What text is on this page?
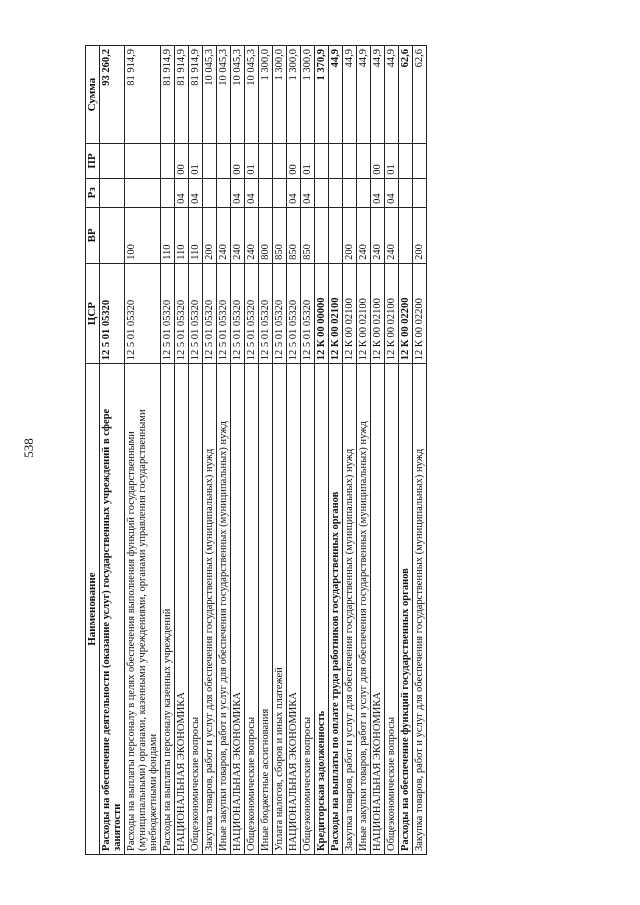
538
Наименование	ЦСР	ВР	Рз	ПР	Сумма
Расходы на обеспечение деятельности (оказание услуг) государственных учреждений в сфере занятости	12 5 01 05320				93 260,2
Расходы на выплаты персоналу в целях обеспечения выполнения функций государственными (муниципальными) органами, казенными учреждениями, органами управления государственными внебюджетными фондами	12 5 01 05320	100			81 914,9
Расходы на выплаты персоналу казенных учреждений	12 5 01 05320	110			81 914,9
НАЦИОНАЛЬНАЯ ЭКОНОМИКА	12 5 01 05320	110	04	00	81 914,9
Общеэкономические вопросы	12 5 01 05320	110	04	01	81 914,9
Закупка товаров, работ и услуг для обеспечения государственных (муниципальных) нужд	12 5 01 05320	200			10 045,3
Иные закупки товаров, работ и услуг для обеспечения государственных (муниципальных) нужд	12 5 01 05320	240			10 045,3
НАЦИОНАЛЬНАЯ ЭКОНОМИКА	12 5 01 05320	240	04	00	10 045,3
Общеэкономические вопросы	12 5 01 05320	240	04	01	10 045,3
Иные бюджетные ассигнования	12 5 01 05320	800			1 300,0
Уплата налогов, сборов и иных платежей	12 5 01 05320	850			1 300,0
НАЦИОНАЛЬНАЯ ЭКОНОМИКА	12 5 01 05320	850	04	00	1 300,0
Общеэкономические вопросы	12 5 01 05320	850	04	01	1 300,0
Кредиторская задолженность	12 К 00 00000				1 370,9
Расходы на выплаты по оплате труда работников государственных органов	12 К 00 02100				44,9
Закупка товаров, работ и услуг для обеспечения государственных (муниципальных) нужд	12 К 00 02100	200			44,9
Иные закупки товаров, работ и услуг для обеспечения государственных (муниципальных) нужд	12 К 00 02100	240			44,9
НАЦИОНАЛЬНАЯ ЭКОНОМИКА	12 К 00 02100	240	04	00	44,9
Общеэкономические вопросы	12 К 00 02100	240	04	01	44,9
Расходы на обеспечение функций государственных органов	12 К 00 02200				62,6
Закупка товаров, работ и услуг для обеспечения государственных (муниципальных) нужд	12 К 00 02200	200			62,6
